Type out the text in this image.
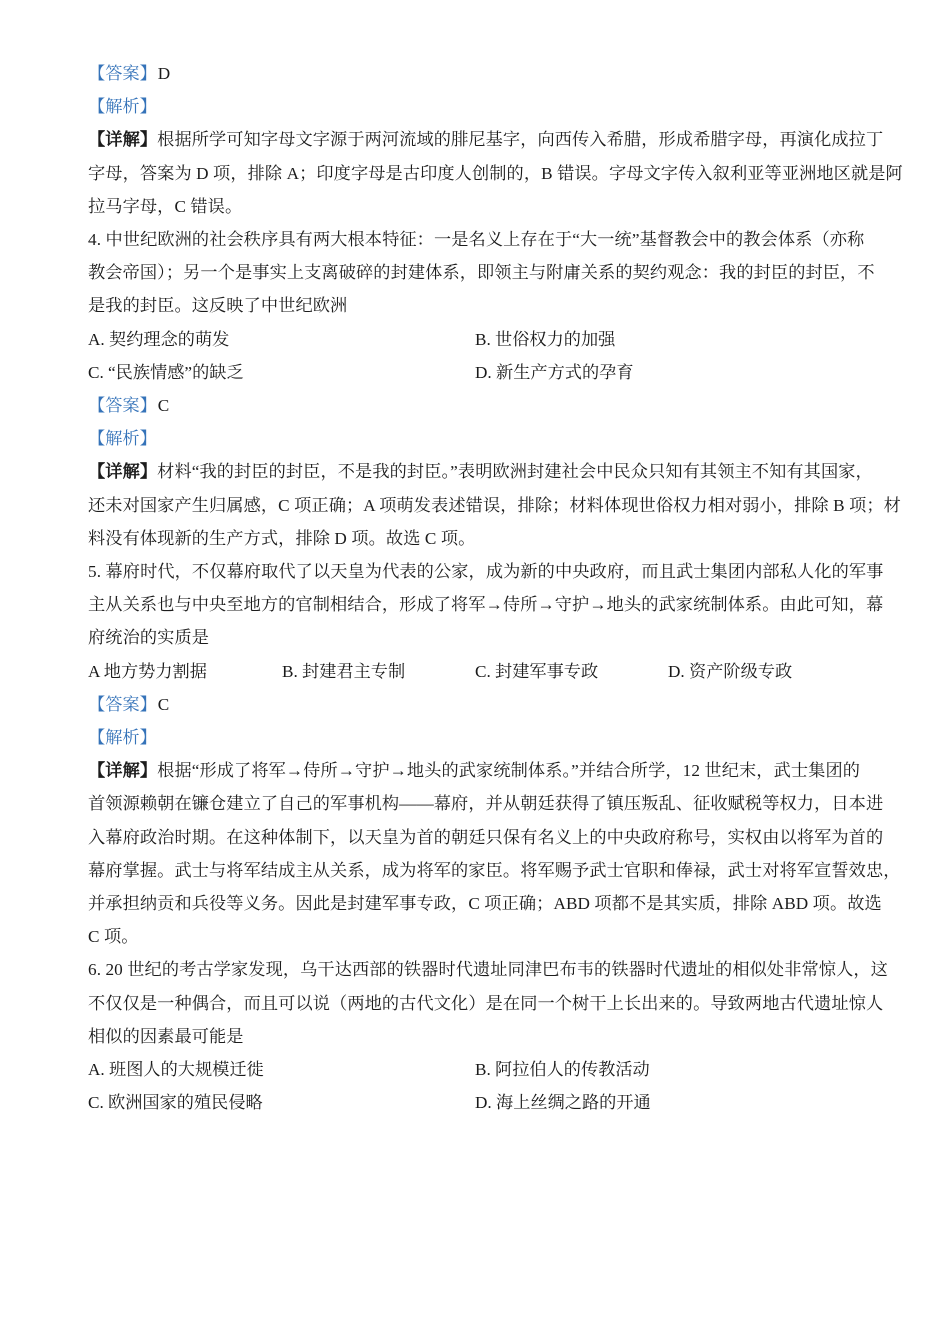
【答案】D
【解析】
【详解】根据所学可知字母文字源于两河流域的腓尼基字，向西传入希腊，形成希腊字母，再演化成拉丁
字母，答案为 D 项，排除 A；印度字母是古印度人创制的，B 错误。字母文字传入叙利亚等亚洲地区就是阿
拉马字母，C 错误。
4. 中世纪欧洲的社会秩序具有两大根本特征：一是名义上存在于“大一统”基督教会中的教会体系（亦称
教会帝国）；另一个是事实上支离破碎的封建体系，即领主与附庸关系的契约观念：我的封臣的封臣，不
是我的封臣。这反映了中世纪欧洲
A. 契约理念的萌发	B. 世俗权力的加强
C. “民族情感”的缺乏	D. 新生产方式的孕育
【答案】C
【解析】
【详解】材料“我的封臣的封臣，不是我的封臣。”表明欧洲封建社会中民众只知有其领主不知有其国家，
还未对国家产生归属感，C 项正确；A 项萌发表述错误，排除；材料体现世俗权力相对弱小，排除 B 项；材
料没有体现新的生产方式，排除 D 项。故选 C 项。
5. 幕府时代，不仅幕府取代了以天皇为代表的公家，成为新的中央政府，而且武士集团内部私人化的军事
主从关系也与中央至地方的官制相结合，形成了将军→侍所→守护→地头的武家统制体系。由此可知，幕
府统治的实质是
A 地方势力割据	B. 封建君主专制	C. 封建军事专政	D. 资产阶级专政
【答案】C
【解析】
【详解】根据“形成了将军→侍所→守护→地头的武家统制体系。”并结合所学，12 世纪末，武士集团的
首领源赖朝在镰仓建立了自己的军事机构——幕府，并从朝廷获得了镇压叛乱、征收赋税等权力，日本进
入幕府政治时期。在这种体制下，以天皇为首的朝廷只保有名义上的中央政府称号，实权由以将军为首的
幕府掌握。武士与将军结成主从关系，成为将军的家臣。将军赐予武士官职和俸禄，武士对将军宣誓效忠，
并承担纳贡和兵役等义务。因此是封建军事专政，C 项正确；ABD 项都不是其实质，排除 ABD 项。故选
C 项。
6. 20 世纪的考古学家发现，乌干达西部的铁器时代遗址同津巴布韦的铁器时代遗址的相似处非常惊人，这
不仅仅是一种偶合，而且可以说（两地的古代文化）是在同一个树干上长出来的。导致两地古代遗址惊人
相似的因素最可能是
A. 班图人的大规模迁徙	B. 阿拉伯人的传教活动
C. 欧洲国家的殖民侵略	D. 海上丝绸之路的开通
